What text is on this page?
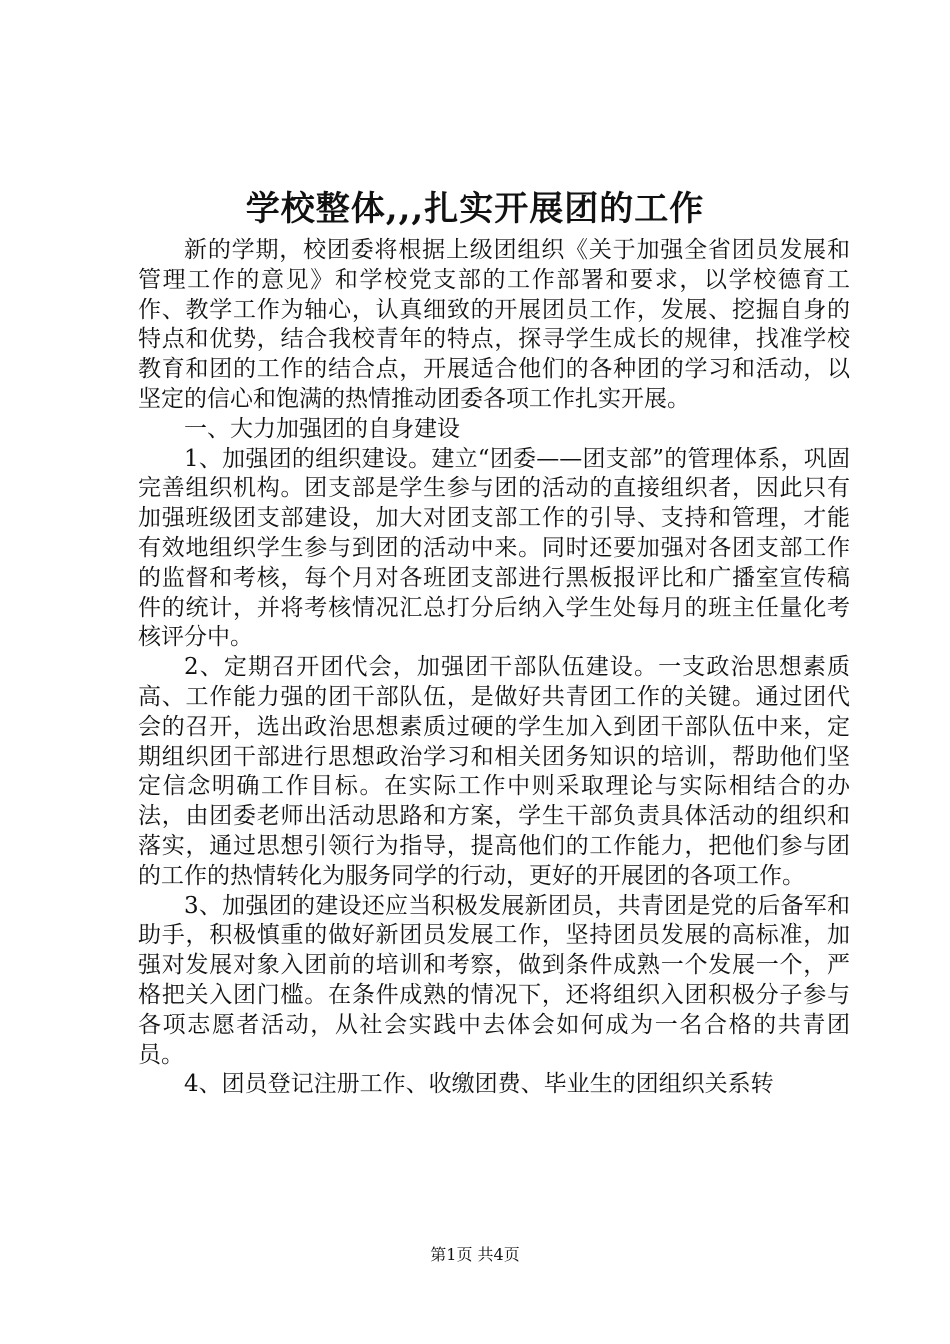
学校整体,,,扎实开展团的工作

新的学期，校团委将根据上级团组织《关于加强全省团员发展和管理工作的意见》和学校党支部的工作部署和要求，以学校德育工作、教学工作为轴心，认真细致的开展团员工作，发展、挖掘自身的特点和优势，结合我校青年的特点，探寻学生成长的规律，找准学校教育和团的工作的结合点，开展适合他们的各种团的学习和活动，以坚定的信心和饱满的热情推动团委各项工作扎实开展。

一、大力加强团的自身建设

1、加强团的组织建设。建立“团委——团支部”的管理体系，巩固完善组织机构。团支部是学生参与团的活动的直接组织者，因此只有加强班级团支部建设，加大对团支部工作的引导、支持和管理，才能有效地组织学生参与到团的活动中来。同时还要加强对各团支部工作的监督和考核，每个月对各班团支部进行黑板报评比和广播室宣传稿件的统计，并将考核情况汇总打分后纳入学生处每月的班主任量化考核评分中。

2、定期召开团代会，加强团干部队伍建设。一支政治思想素质高、工作能力强的团干部队伍，是做好共青团工作的关键。通过团代会的召开，选出政治思想素质过硬的学生加入到团干部队伍中来，定期组织团干部进行思想政治学习和相关团务知识的培训，帮助他们坚定信念明确工作目标。在实际工作中则采取理论与实际相结合的办法，由团委老师出活动思路和方案，学生干部负责具体活动的组织和落实，通过思想引领行为指导，提高他们的工作能力，把他们参与团的工作的热情转化为服务同学的行动，更好的开展团的各项工作。

3、加强团的建设还应当积极发展新团员，共青团是党的后备军和助手，积极慎重的做好新团员发展工作，坚持团员发展的高标准，加强对发展对象入团前的培训和考察，做到条件成熟一个发展一个，严格把关入团门槛。在条件成熟的情况下，还将组织入团积极分子参与各项志愿者活动，从社会实践中去体会如何成为一名合格的共青团员。

4、团员登记注册工作、收缴团费、毕业生的团组织关系转

第1页 共4页
